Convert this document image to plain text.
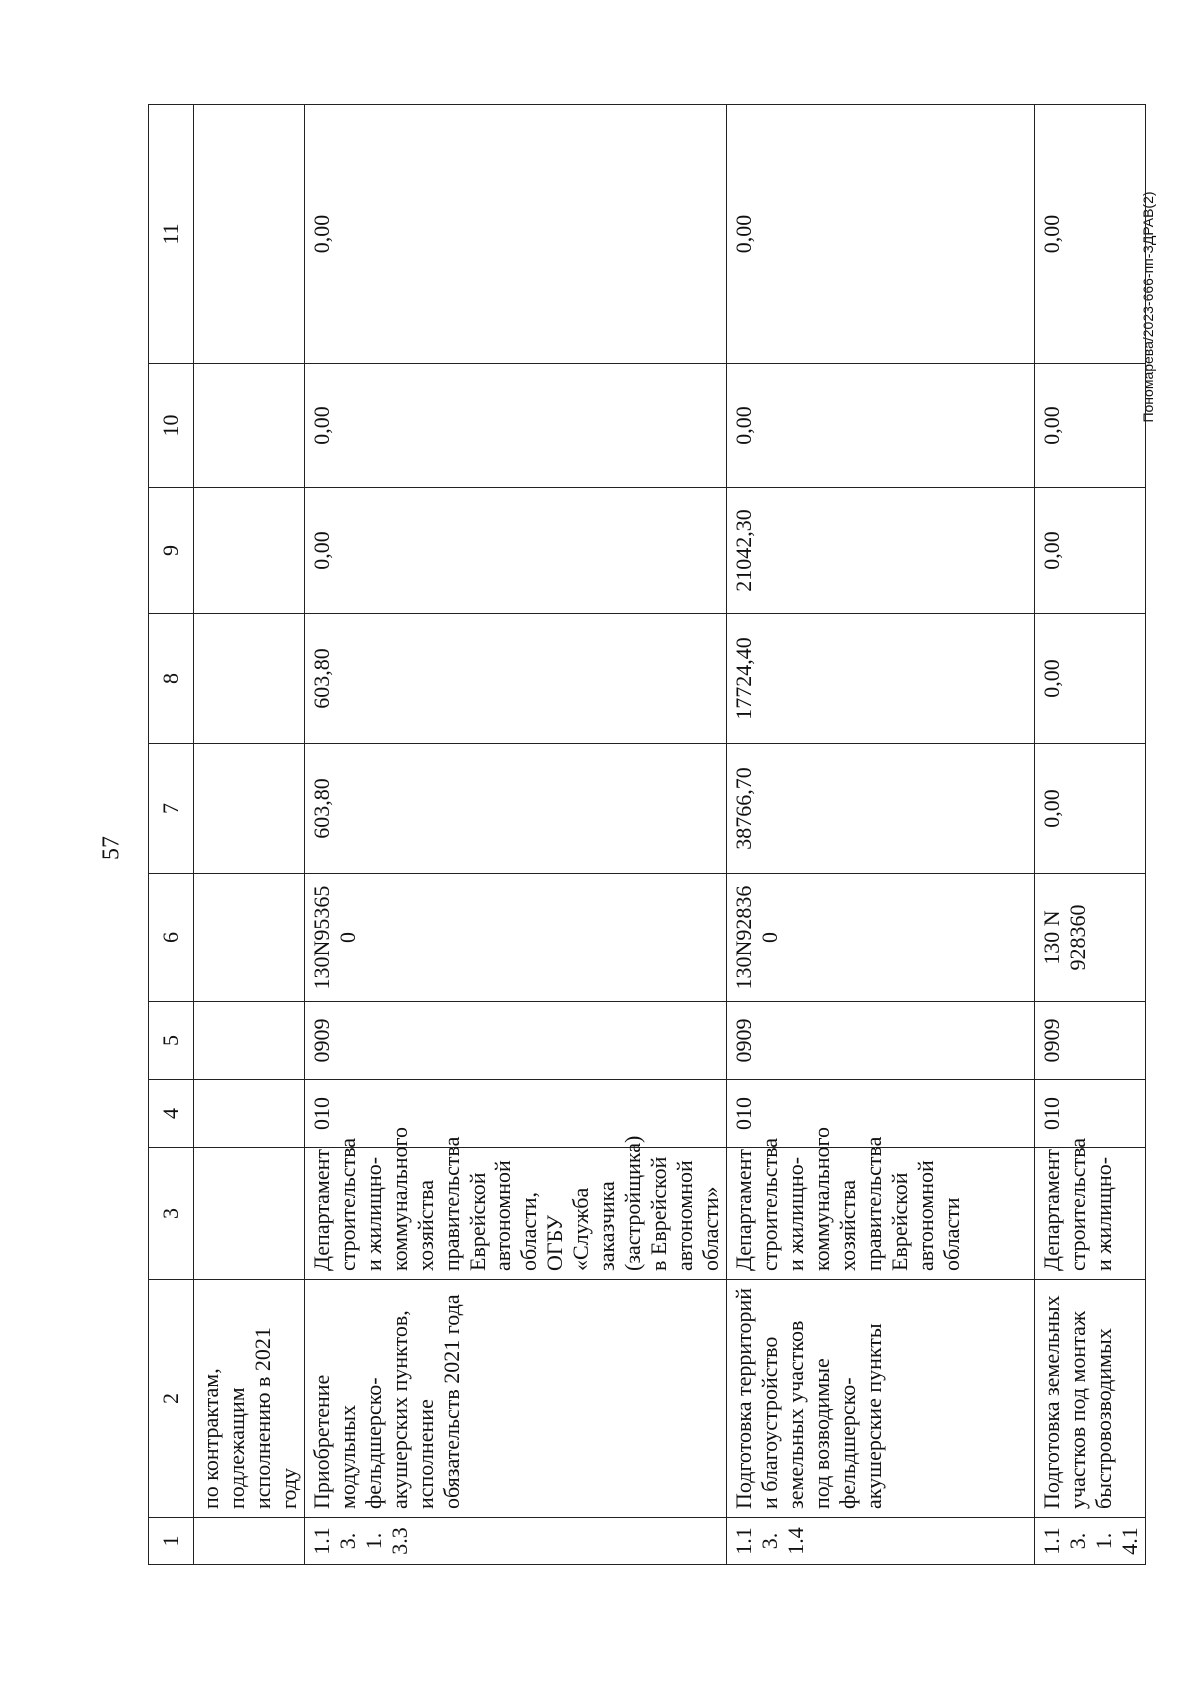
57
Пономарева/2023-666-пп-ЗДРАВ(2)
1	2	3	4	5	6	7	8	9	10	11
	по контрактам, подлежащим исполнению в 2021 году									
1.13.1.3.3	Приобретение модульных фельдшерско-акушерских пунктов, исполнение обязательств 2021 года	Департамент строительства и жилищно-коммунального хозяйства правительства Еврейской автономной области, ОГБУ «Служба заказчика (застройщика) в Еврейской автономной области»	010	0909	130N953650	603,80	603,80	0,00	0,00	0,00
1.13.1.4	Подготовка территорий и благоустройство земельных участков под возводимые фельдшерско-акушерские пункты	Департамент строительства и жилищно-коммунального хозяйства правительства Еврейской автономной области	010	0909	130N928360	38766,70	17724,40	21042,30	0,00	0,00
1.13.1.4.1	Подготовка земельных участков под монтаж быстровозводимых	Департамент строительства и жилищно-	010	0909	130 N 928360	0,00	0,00	0,00	0,00	0,00
